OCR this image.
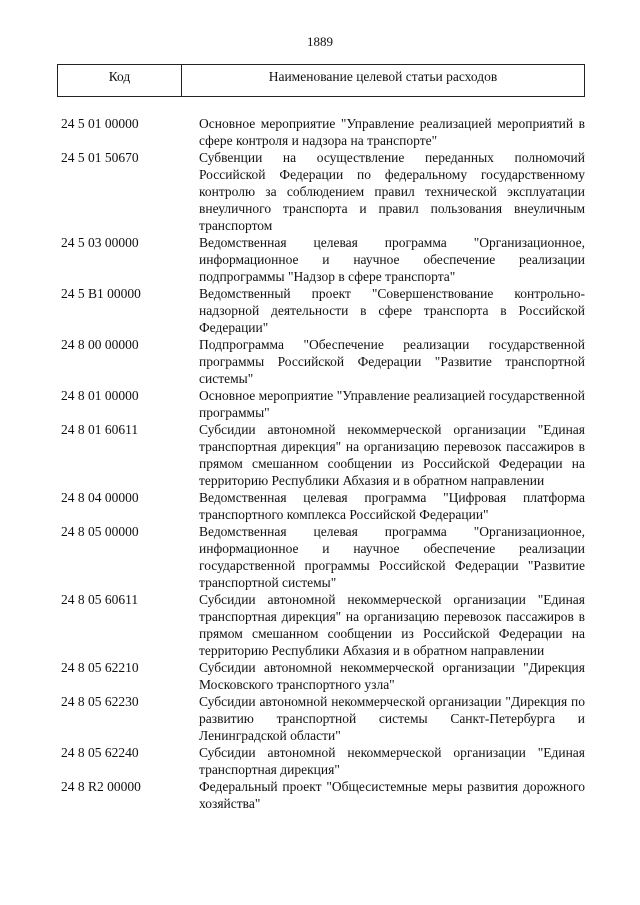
1889
Код	Наименование целевой статьи расходов
24 5 01 00000	Основное мероприятие "Управление реализацией мероприятий в сфере контроля и надзора на транспорте"
24 5 01 50670	Субвенции на осуществление переданных полномочий Российской Федерации по федеральному государственному контролю за соблюдением правил технической эксплуатации внеуличного транспорта и правил пользования внеуличным транспортом
24 5 03 00000	Ведомственная целевая программа "Организационное, информационное и научное обеспечение реализации подпрограммы "Надзор в сфере транспорта"
24 5 B1 00000	Ведомственный проект "Совершенствование контрольно-надзорной деятельности в сфере транспорта в Российской Федерации"
24 8 00 00000	Подпрограмма "Обеспечение реализации государственной программы Российской Федерации "Развитие транспортной системы"
24 8 01 00000	Основное мероприятие "Управление реализацией государственной программы"
24 8 01 60611	Субсидии автономной некоммерческой организации "Единая транспортная дирекция" на организацию перевозок пассажиров в прямом смешанном сообщении из Российской Федерации на территорию Республики Абхазия и в обратном направлении
24 8 04 00000	Ведомственная целевая программа "Цифровая платформа транспортного комплекса Российской Федерации"
24 8 05 00000	Ведомственная целевая программа "Организационное, информационное и научное обеспечение реализации государственной программы Российской Федерации "Развитие транспортной системы"
24 8 05 60611	Субсидии автономной некоммерческой организации "Единая транспортная дирекция" на организацию перевозок пассажиров в прямом смешанном сообщении из Российской Федерации на территорию Республики Абхазия и в обратном направлении
24 8 05 62210	Субсидии автономной некоммерческой организации "Дирекция Московского транспортного узла"
24 8 05 62230	Субсидии автономной некоммерческой организации "Дирекция по развитию транспортной системы Санкт-Петербурга и Ленинградской области"
24 8 05 62240	Субсидии автономной некоммерческой организации "Единая транспортная дирекция"
24 8 R2 00000	Федеральный проект "Общесистемные меры развития дорожного хозяйства"
